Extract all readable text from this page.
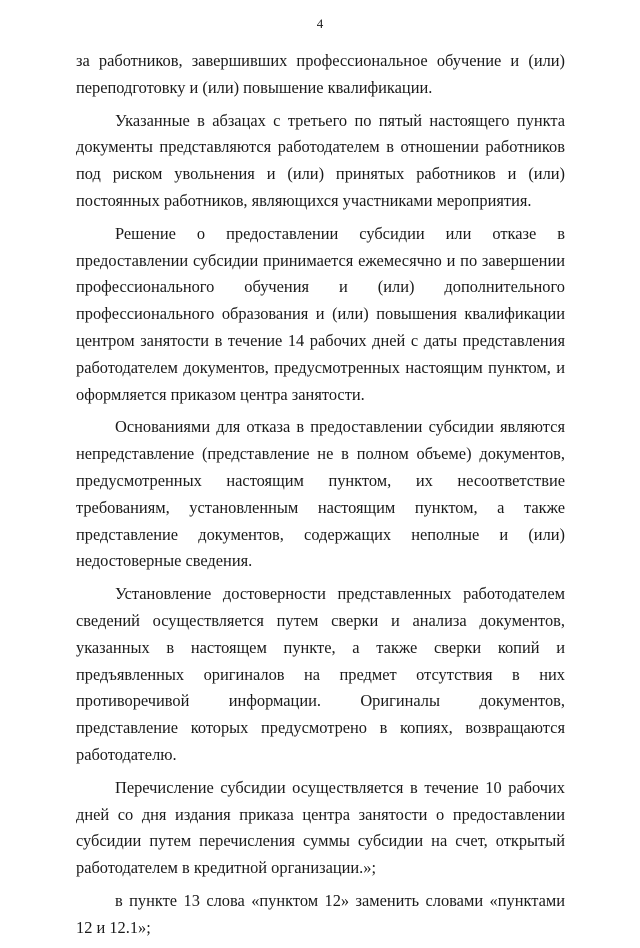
4

за работников, завершивших профессиональное обучение и (или) переподготовку и (или) повышение квалификации.

Указанные в абзацах с третьего по пятый настоящего пункта документы представляются работодателем в отношении работников под риском увольнения и (или) принятых работников и (или) постоянных работников, являющихся участниками мероприятия.

Решение о предоставлении субсидии или отказе в предоставлении субсидии принимается ежемесячно и по завершении профессионального обучения и (или) дополнительного профессионального образования и (или) повышения квалификации центром занятости в течение 14 рабочих дней с даты представления работодателем документов, предусмотренных настоящим пунктом, и оформляется приказом центра занятости.

Основаниями для отказа в предоставлении субсидии являются непредставление (представление не в полном объеме) документов, предусмотренных настоящим пунктом, их несоответствие требованиям, установленным настоящим пунктом, а также представление документов, содержащих неполные и (или) недостоверные сведения.

Установление достоверности представленных работодателем сведений осуществляется путем сверки и анализа документов, указанных в настоящем пункте, а также сверки копий и предъявленных оригиналов на предмет отсутствия в них противоречивой информации. Оригиналы документов, представление которых предусмотрено в копиях, возвращаются работодателю.

Перечисление субсидии осуществляется в течение 10 рабочих дней со дня издания приказа центра занятости о предоставлении субсидии путем перечисления суммы субсидии на счет, открытый работодателем в кредитной организации.»;

в пункте 13 слова «пунктом 12» заменить словами «пунктами 12 и 12.1»;
